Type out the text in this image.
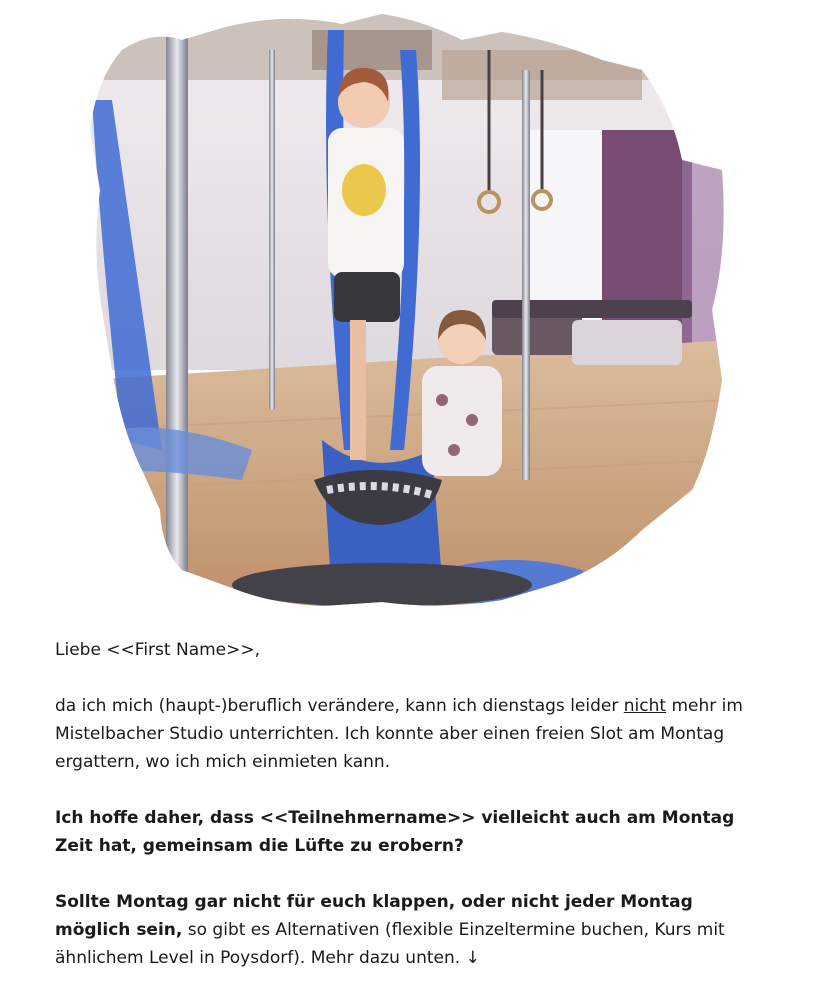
Liebe <<First Name>>,

da ich mich (haupt-)beruflich verändere, kann ich dienstags leider nicht mehr im Mistelbacher Studio unterrichten. Ich konnte aber einen freien Slot am Montag ergattern, wo ich mich einmieten kann.

Ich hoffe daher, dass <<Teilnehmername>> vielleicht auch am Montag Zeit hat, gemeinsam die Lüfte zu erobern?

Sollte Montag gar nicht für euch klappen, oder nicht jeder Montag möglich sein, so gibt es Alternativen (flexible Einzeltermine buchen, Kurs mit ähnlichem Level in Poysdorf). Mehr dazu unten. ↓
